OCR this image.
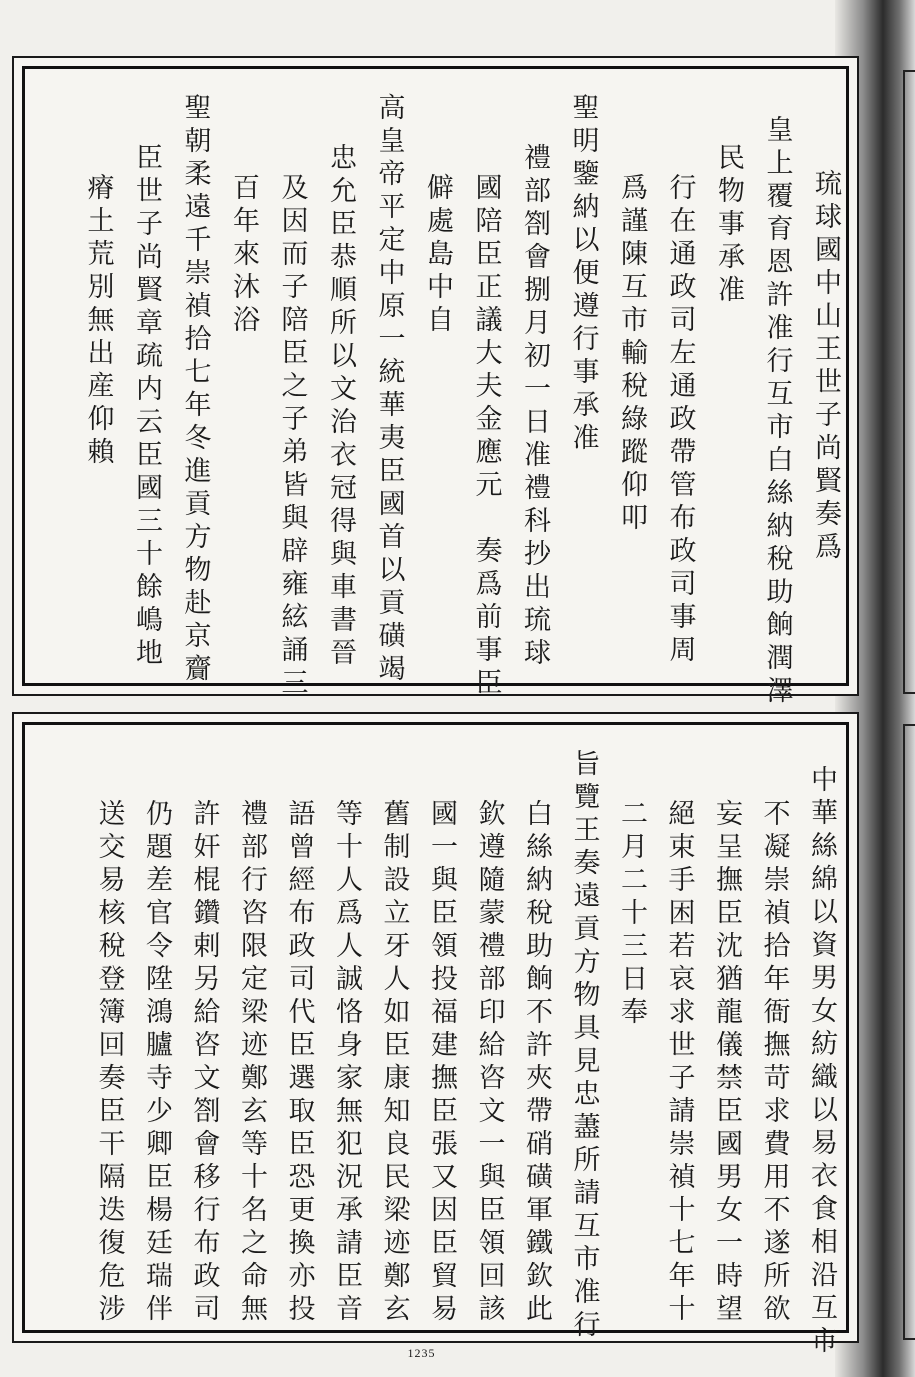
琉球國中山王世子尚賢奏爲
皇上覆育恩許准行互市白絲納稅助餉潤澤
民物事承准
行在通政司左通政帶管布政司事周
爲謹陳互市輸稅綠蹤仰叩
聖明鑒納以便遵行事承准
禮部劄會捌月初一日准禮科抄出琉球
國陪臣正議大夫金應元　奏爲前事臣
僻處島中自
高皇帝平定中原一統華夷臣國首以貢磺竭
忠允臣恭順所以文治衣冠得與車書晉
及因而子陪臣之子弟皆與辟雍絃誦三
百年來沐浴
聖朝柔遠千崇禎拾七年冬進貢方物赴京齎
臣世子尚賢章疏内云臣國三十餘嶋地
瘠土荒別無出産仰賴
中華絲綿以資男女紡織以易衣食相沿互市
不凝崇禎拾年衙撫苛求費用不遂所欲
妄呈撫臣沈猶龍儀禁臣國男女一時望
絕束手困若哀求世子請崇禎十七年十
二月二十三日奉
旨覽王奏遠貢方物具見忠藎所請互市准行
白絲納稅助餉不許夾帶硝磺軍鐵欽此
欽遵隨蒙禮部印給咨文一與臣領回該
國一與臣領投福建撫臣張又因臣貿易
舊制設立牙人如臣康知良民梁迹鄭玄
等十人爲人誠恪身家無犯況承請臣音
語曾經布政司代臣選取臣恐更換亦投
禮部行咨限定梁迹鄭玄等十名之命無
許奸棍鑽剌另給咨文劄會移行布政司
仍題差官令陞鴻臚寺少卿臣楊廷瑞伴
送交易核稅登簿回奏臣干隔迭復危涉
1235
